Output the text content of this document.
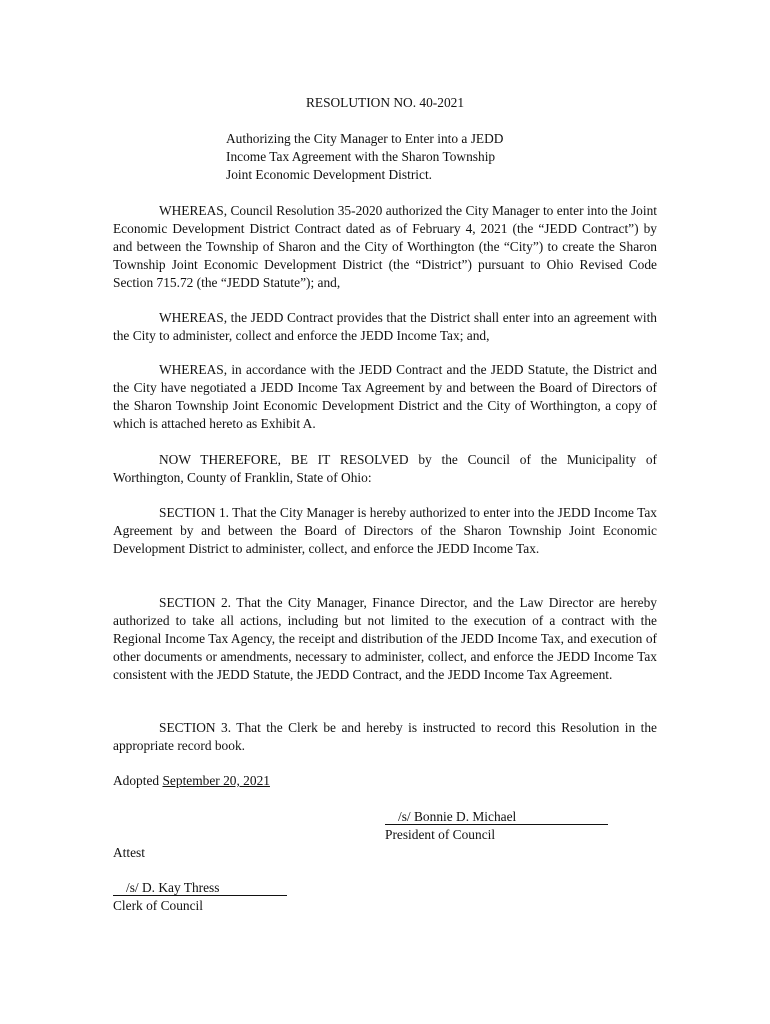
RESOLUTION NO. 40-2021
Authorizing the City Manager to Enter into a JEDD
Income Tax Agreement with the Sharon Township
Joint Economic Development District.
WHEREAS, Council Resolution 35-2020 authorized the City Manager to enter into the Joint Economic Development District Contract dated as of February 4, 2021 (the “JEDD Contract”) by and between the Township of Sharon and the City of Worthington (the “City”) to create the Sharon Township Joint Economic Development District (the “District”) pursuant to Ohio Revised Code Section 715.72 (the “JEDD Statute”); and,
WHEREAS, the JEDD Contract provides that the District shall enter into an agreement with the City to administer, collect and enforce the JEDD Income Tax; and,
WHEREAS, in accordance with the JEDD Contract and the JEDD Statute, the District and the City have negotiated a JEDD Income Tax Agreement by and between the Board of Directors of the Sharon Township Joint Economic Development District and the City of Worthington, a copy of which is attached hereto as Exhibit A.
NOW THEREFORE, BE IT RESOLVED by the Council of the Municipality of Worthington, County of Franklin, State of Ohio:
SECTION 1. That the City Manager is hereby authorized to enter into the JEDD Income Tax Agreement by and between the Board of Directors of the Sharon Township Joint Economic Development District to administer, collect, and enforce the JEDD Income Tax.
SECTION 2. That the City Manager, Finance Director, and the Law Director are hereby authorized to take all actions, including but not limited to the execution of a contract with the Regional Income Tax Agency, the receipt and distribution of the JEDD Income Tax, and execution of other documents or amendments, necessary to administer, collect, and enforce the JEDD Income Tax consistent with the JEDD Statute, the JEDD Contract, and the JEDD Income Tax Agreement.
SECTION 3. That the Clerk be and hereby is instructed to record this Resolution in the appropriate record book.
Adopted September 20, 2021
/s/ Bonnie D. Michael
President of Council
Attest
/s/ D. Kay Thress
Clerk of Council
